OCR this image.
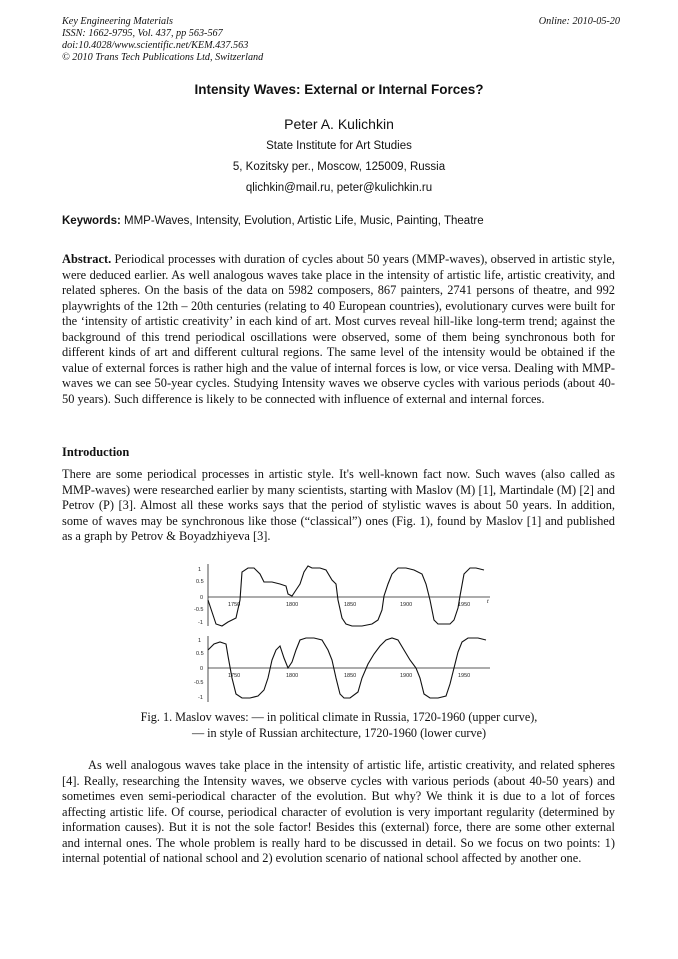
Key Engineering Materials
ISSN: 1662-9795, Vol. 437, pp 563-567
doi:10.4028/www.scientific.net/KEM.437.563
© 2010 Trans Tech Publications Ltd, Switzerland
Online: 2010-05-20
Intensity Waves: External or Internal Forces?
Peter A. Kulichkin
State Institute for Art Studies
5, Kozitsky per., Moscow, 125009, Russia
qlichkin@mail.ru, peter@kulichkin.ru
Keywords: MMP-Waves, Intensity, Evolution, Artistic Life, Music, Painting, Theatre

Abstract. Periodical processes with duration of cycles about 50 years (MMP-waves), observed in artistic style, were deduced earlier. As well analogous waves take place in the intensity of artistic life, artistic creativity, and related spheres. On the basis of the data on 5982 composers, 867 painters, 2741 persons of theatre, and 992 playwrights of the 12th – 20th centuries (relating to 40 European countries), evolutionary curves were built for the ‘intensity of artistic creativity’ in each kind of art. Most curves reveal hill-like long-term trend; against the background of this trend periodical oscillations were observed, some of them being synchronous both for different kinds of art and different cultural regions. The same level of the intensity would be obtained if the value of external forces is rather high and the value of internal forces is low, or vice versa. Dealing with MMP-waves we can see 50-year cycles. Studying Intensity waves we observe cycles with various periods (about 40-50 years). Such difference is likely to be connected with influence of external and internal forces.

Introduction

There are some periodical processes in artistic style. It's well-known fact now. Such waves (also called as MMP-waves) were researched earlier by many scientists, starting with Maslov (M) [1], Martindale (M) [2] and Petrov (P) [3]. Almost all these works says that the period of stylistic waves is about 50 years. In addition, some of waves may be synchronous like those (“classical”) ones (Fig. 1), found by Maslov [1] and published as a graph by Petrov & Boyadzhiyeva [3].

1
0.5
0
-0.5
-1
1750	1800	1850	1900	1950	t
1
0.5
0
-0.5
-1
1750	1800	1850	1900	1950
Fig. 1. Maslov waves: — in political climate in Russia, 1720-1960 (upper curve),
— in style of Russian architecture, 1720-1960 (lower curve)

As well analogous waves take place in the intensity of artistic life, artistic creativity, and related spheres [4]. Really, researching the Intensity waves, we observe cycles with various periods (about 40-50 years) and sometimes even semi-periodical character of the evolution. But why? We think it is due to a lot of forces affecting artistic life. Of course, periodical character of evolution is very important regularity (determined by information causes). But it is not the sole factor! Besides this (external) force, there are some other external and internal ones. The whole problem is really hard to be discussed in detail. So we focus on two points: 1) internal potential of national school and 2) evolution scenario of national school affected by another one.
